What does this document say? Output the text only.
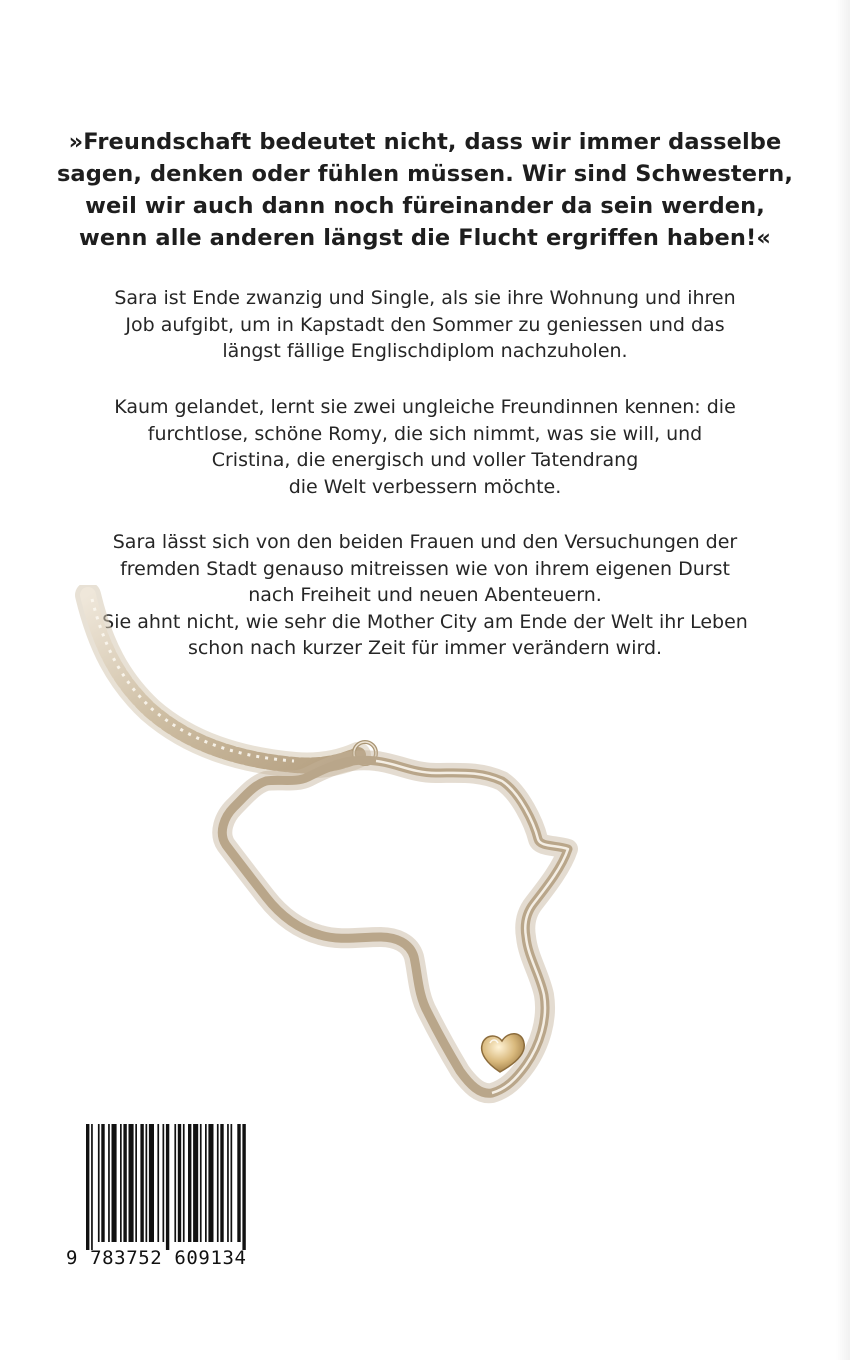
»Freundschaft bedeutet nicht, dass wir immer dasselbe
sagen, denken oder fühlen müssen. Wir sind Schwestern,
weil wir auch dann noch füreinander da sein werden,
wenn alle anderen längst die Flucht ergriffen haben!«
Sara ist Ende zwanzig und Single, als sie ihre Wohnung und ihren
Job aufgibt, um in Kapstadt den Sommer zu geniessen und das
längst fällige Englischdiplom nachzuholen.
Kaum gelandet, lernt sie zwei ungleiche Freundinnen kennen: die
furchtlose, schöne Romy, die sich nimmt, was sie will, und
Cristina, die energisch und voller Tatendrang
die Welt verbessern möchte.
Sara lässt sich von den beiden Frauen und den Versuchungen der
fremden Stadt genauso mitreissen wie von ihrem eigenen Durst
nach Freiheit und neuen Abenteuern.
Sie ahnt nicht, wie sehr die Mother City am Ende der Welt ihr Leben
schon nach kurzer Zeit für immer verändern wird.
9 783752 609134
